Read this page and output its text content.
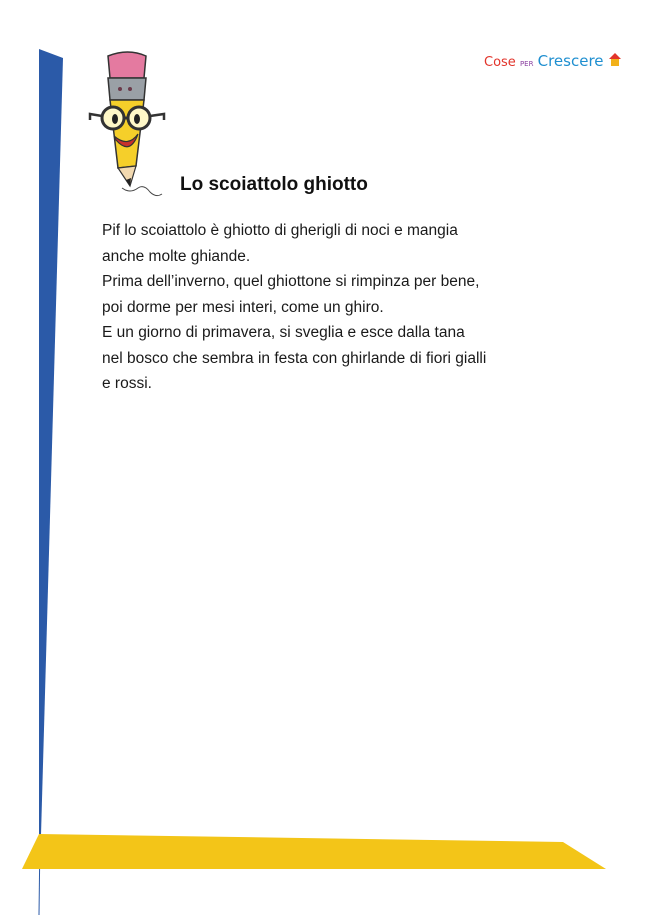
Cose PER Crescere
Lo scoiattolo ghiotto

Pif lo scoiattolo è ghiotto di gherigli di noci e mangia

anche molte ghiande.

Prima dell’inverno, quel ghiottone si rimpinza per bene,

poi dorme per mesi interi, come un ghiro.

E un giorno di primavera, si sveglia e esce dalla tana

nel bosco che sembra in festa con ghirlande di fiori gialli

e rossi.
